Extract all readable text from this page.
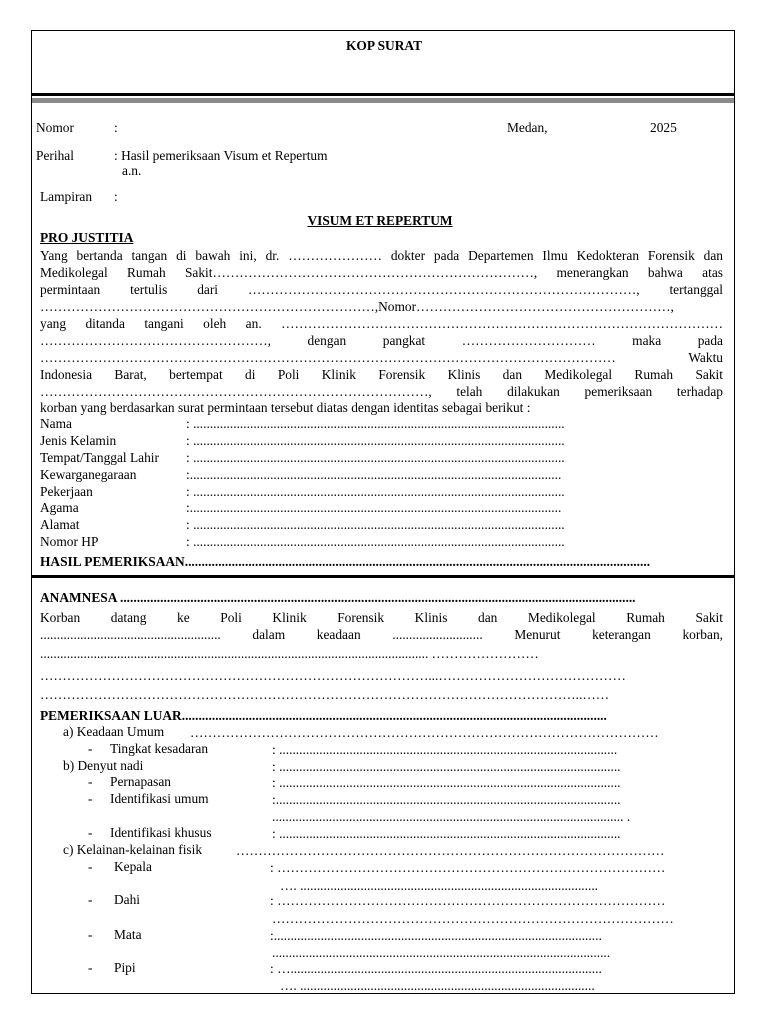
KOP SURAT
Nomor	:	Medan,	2025
Perihal	: Hasil pemeriksaan Visum et Repertum
a.n.
Lampiran :
VISUM ET REPERTUM
PRO JUSTITIA
Yang bertanda tangan di bawah ini, dr. ………………… dokter pada Departemen Ilmu Kedokteran Forensik dan
Medikolegal Rumah Sakit………………………………………………………………, menerangkan bahwa atas
permintaan tertulis dari ……………………………………………………………………………, tertanggal
…………………………………………………………………,Nomor…………………………………………………,
yang ditanda tangani oleh an. ………………………………………………………………………………………
……………………………………………, dengan pangkat ………………………… maka pada
………………………………………………………………………………………………………………… Waktu
Indonesia Barat, bertempat di Poli Klinik Forensik Klinis dan Medikolegal Rumah Sakit
……………………………………………………………………………, telah dilakukan pemeriksaan terhadap
korban yang berdasarkan surat permintaan tersebut diatas dengan identitas sebagai berikut :
Nama	: ...............................................................................................................
Jenis Kelamin	: ...............................................................................................................
Tempat/Tanggal Lahir : ...............................................................................................................
Kewarganegaraan	:...............................................................................................................
Pekerjaan	: ...............................................................................................................
Agama	:...............................................................................................................
Alamat	: ...............................................................................................................
Nomor HP	: ...............................................................................................................
HASIL PEMERIKSAAN...........................................................................................................................................
ANAMNESA ..........................................................................................................................................................
Korban datang ke Poli Klinik Forensik Klinis dan Medikolegal Rumah Sakit
...................................................... dalam keadaan ........................... Menurut keterangan korban,
.................................................................................................................... ……………………
……………………………………………………………………………...……………………………………
…………………………………………………………………………………………………………..……
PEMERIKSAAN LUAR...............................................................................................................................
a) Keadaan Umum ……………………………………………………………………………………………
- Tingkat kesadaran	: .....................................................................................................
b) Denyut nadi	: ......................................................................................................
- Pernapasan	: ......................................................................................................
- Identifikasi umum	:.......................................................................................................
......................................................................................................... .
- Identifikasi khusus	: ......................................................................................................
c) Kelainan-kelainan fisik	……………………………………………………………………………………
- Kepala	: ……………………………………………………………………………
…. .........................................................................................
- Dahi	: ……………………………………………………………………………
………………………………………………………………………………
- Mata	:..................................................................................................
.....................................................................................................
- Pipi	: ….............................................................................................
…. ........................................................................................
